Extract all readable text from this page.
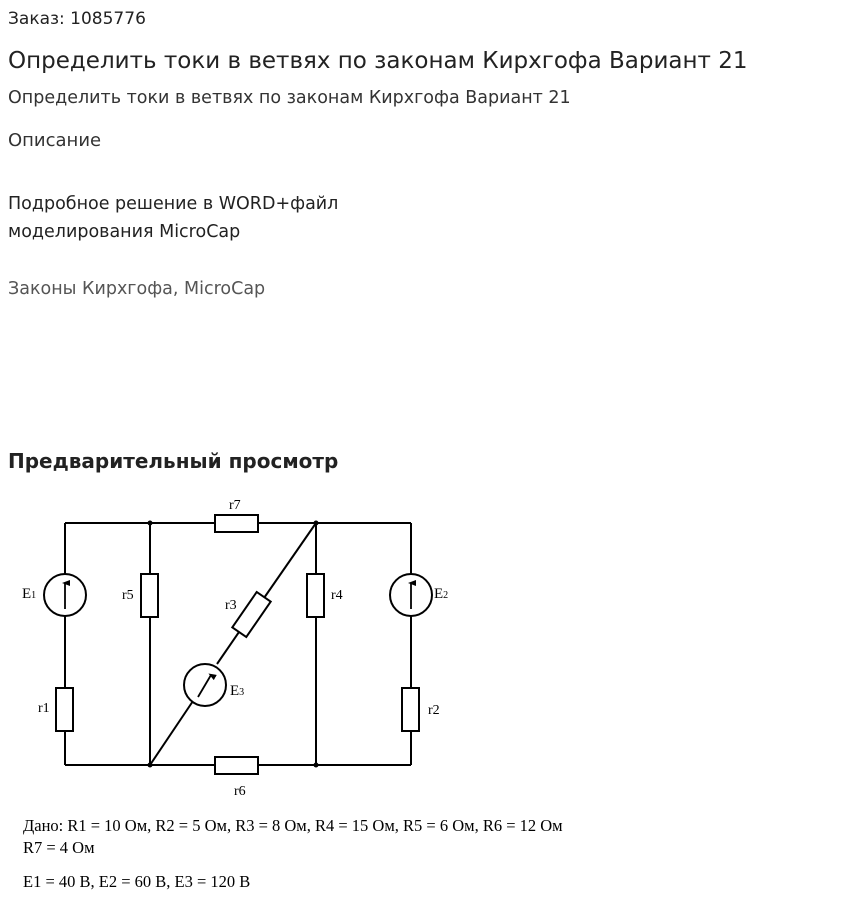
Заказ: 1085776
Определить токи в ветвях по законам Кирхгофа Вариант 21
Определить токи в ветвях по законам Кирхгофа Вариант 21
Описание
Подробное решение в WORD+файл
моделирования MicroCap
Законы Кирхгофа, MicroCap
Предварительный просмотр
r7
r5
r3
r4
r1	r2
r6
E1	E2
E3
Дано: R1 = 10 Ом, R2 = 5 Ом, R3 = 8 Ом, R4 = 15 Ом, R5 = 6 Ом, R6 = 12 Ом
R7 = 4 Ом
E1 = 40 В, E2 = 60 В, E3 = 120 В
